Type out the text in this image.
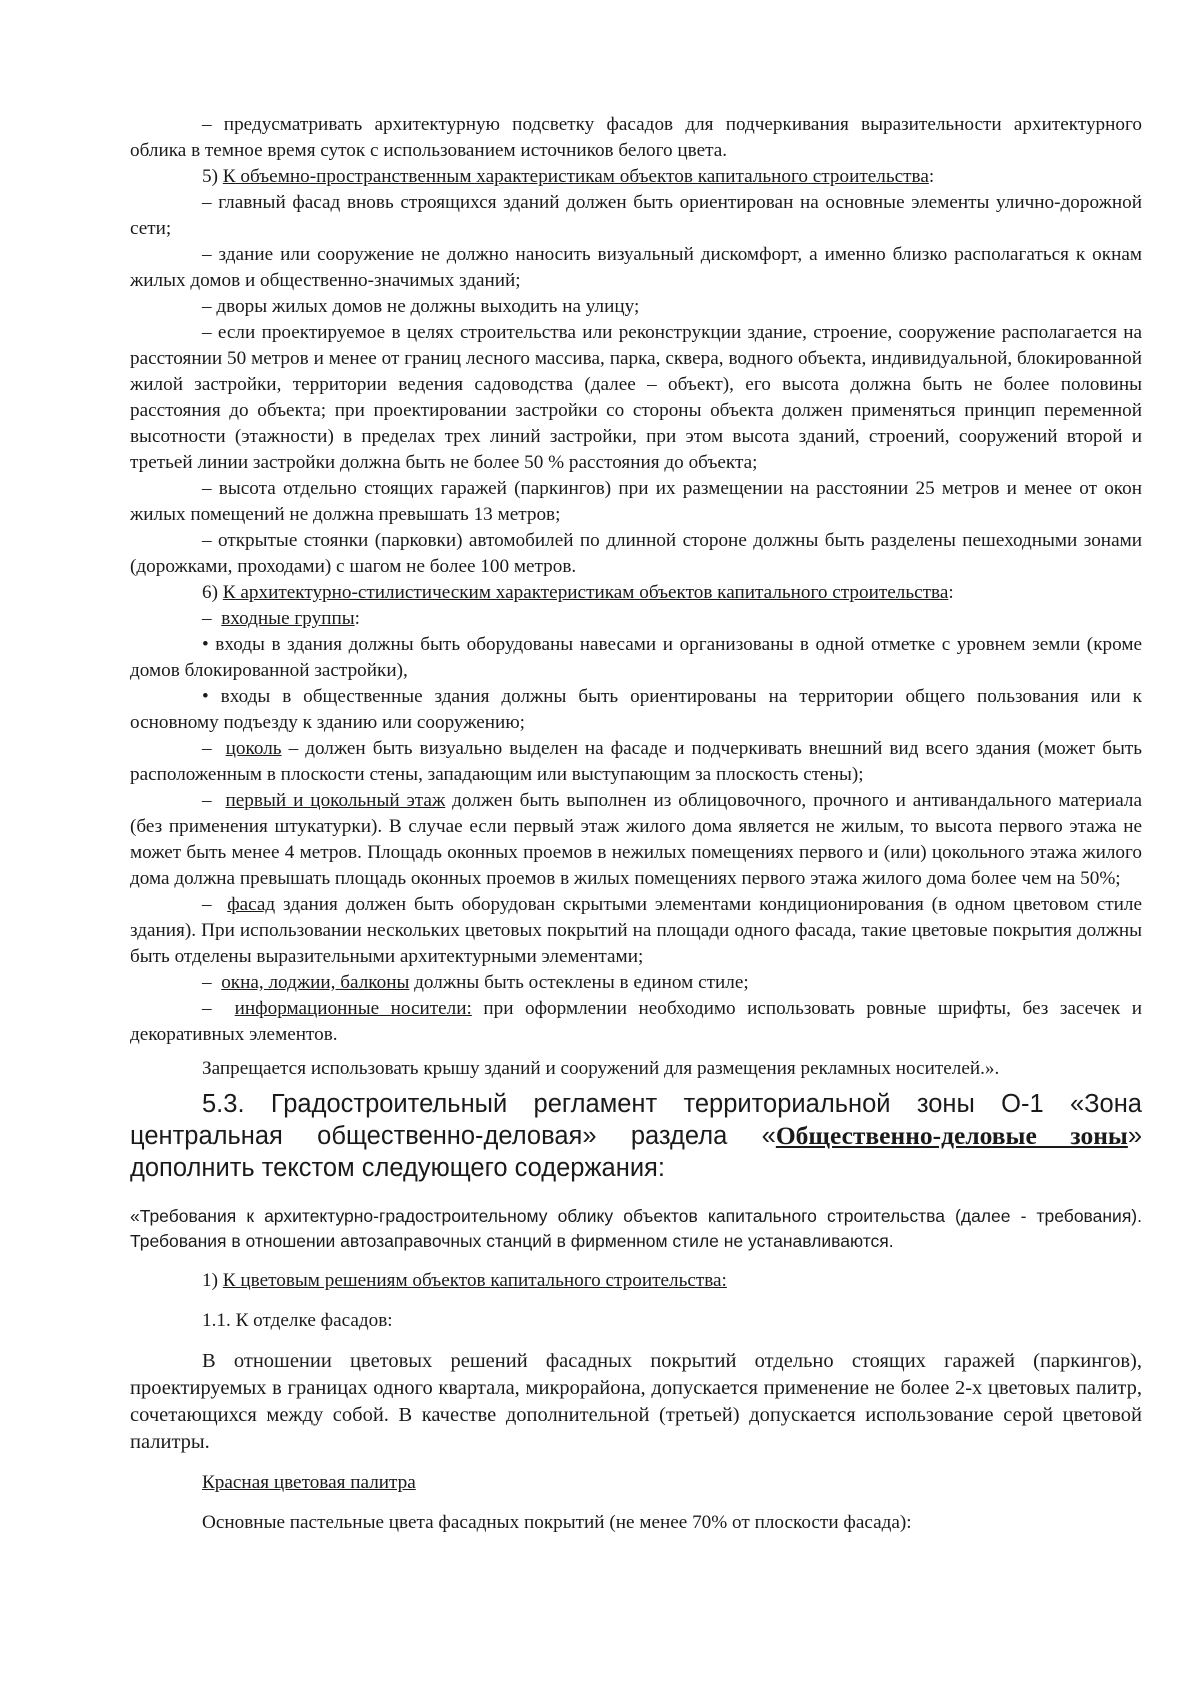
– предусматривать архитектурную подсветку фасадов для подчеркивания выразительности архитектурного облика в темное время суток с использованием источников белого цвета.

5) К объемно-пространственным характеристикам объектов капитального строительства:

– главный фасад вновь строящихся зданий должен быть ориентирован на основные элементы улично-дорожной сети;

– здание или сооружение не должно наносить визуальный дискомфорт, а именно близко располагаться к окнам жилых домов и общественно-значимых зданий;

– дворы жилых домов не должны выходить на улицу;

– если проектируемое в целях строительства или реконструкции здание, строение, сооружение располагается на расстоянии 50 метров и менее от границ лесного массива, парка, сквера, водного объекта, индивидуальной, блокированной жилой застройки, территории ведения садоводства (далее – объект), его высота должна быть не более половины расстояния до объекта; при проектировании застройки со стороны объекта должен применяться принцип переменной высотности (этажности) в пределах трех линий застройки, при этом высота зданий, строений, сооружений второй и третьей линии застройки должна быть не более 50 % расстояния до объекта;

– высота отдельно стоящих гаражей (паркингов) при их размещении на расстоянии 25 метров и менее от окон жилых помещений не должна превышать 13 метров;

– открытые стоянки (парковки) автомобилей по длинной стороне должны быть разделены пешеходными зонами (дорожками, проходами) с шагом не более 100 метров.

6) К архитектурно-стилистическим характеристикам объектов капитального строительства:

– входные группы:

• входы в здания должны быть оборудованы навесами и организованы в одной отметке с уровнем земли (кроме домов блокированной застройки),

• входы в общественные здания должны быть ориентированы на территории общего пользования или к основному подъезду к зданию или сооружению;

– цоколь – должен быть визуально выделен на фасаде и подчеркивать внешний вид всего здания (может быть расположенным в плоскости стены, западающим или выступающим за плоскость стены);

– первый и цокольный этаж должен быть выполнен из облицовочного, прочного и антивандального материала (без применения штукатурки). В случае если первый этаж жилого дома является не жилым, то высота первого этажа не может быть менее 4 метров. Площадь оконных проемов в нежилых помещениях первого и (или) цокольного этажа жилого дома должна превышать площадь оконных проемов в жилых помещениях первого этажа жилого дома более чем на 50%;

– фасад здания должен быть оборудован скрытыми элементами кондиционирования (в одном цветовом стиле здания). При использовании нескольких цветовых покрытий на площади одного фасада, такие цветовые покрытия должны быть отделены выразительными архитектурными элементами;

– окна, лоджии, балконы должны быть остеклены в едином стиле;

– информационные носители: при оформлении необходимо использовать ровные шрифты, без засечек и декоративных элементов.

Запрещается использовать крышу зданий и сооружений для размещения рекламных носителей.».

5.3. Градостроительный регламент территориальной зоны О-1 «Зона центральная общественно-деловая» раздела «Общественно-деловые зоны» дополнить текстом следующего содержания:

«Требования к архитектурно-градостроительному облику объектов капитального строительства (далее - требования). Требования в отношении автозаправочных станций в фирменном стиле не устанавливаются.

1) К цветовым решениям объектов капитального строительства:

1.1. К отделке фасадов:

В отношении цветовых решений фасадных покрытий отдельно стоящих гаражей (паркингов), проектируемых в границах одного квартала, микрорайона, допускается применение не более 2-х цветовых палитр, сочетающихся между собой. В качестве дополнительной (третьей) допускается использование серой цветовой палитры.

Красная цветовая палитра

Основные пастельные цвета фасадных покрытий (не менее 70% от плоскости фасада):
